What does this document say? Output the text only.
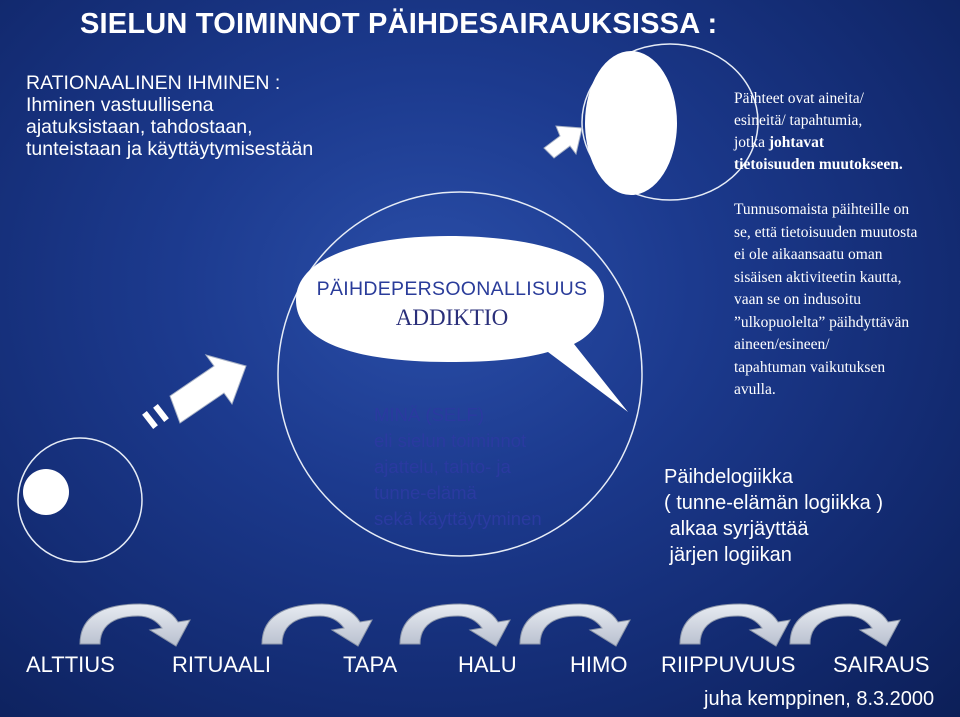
SIELUN TOIMINNOT PÄIHDESAIRAUKSISSA :
RATIONAALINEN IHMINEN :
Ihminen vastuullisena
ajatuksistaan, tahdostaan,
tunteistaan ja käyttäytymisestään
Päihteet ovat aineita/
esineitä/ tapahtumia,
jotka johtavat
tietoisuuden muutokseen.
Tunnusomaista päihteille on
se, että tietoisuuden muutosta
ei ole aikaansaatu oman
sisäisen aktiviteetin kautta,
vaan se on indusoitu
”ulkopuolelta” päihdyttävän
aineen/esineen/
tapahtuman vaikutuksen
avulla.
PÄIHDEPERSOONALLISUUS
ADDIKTIO
MINÄ (SELF)
eli sielun toiminnot
ajattelu, tahto- ja
tunne-elämä
sekä käyttäytyminen
Päihdelogiikka
( tunne-elämän logiikka )
alkaa syrjäyttää
järjen logiikan
ALTTIUS	RITUAALI	TAPA	HALU HIMO RIIPPUVUUS SAIRAUS
juha kemppinen, 8.3.2000
